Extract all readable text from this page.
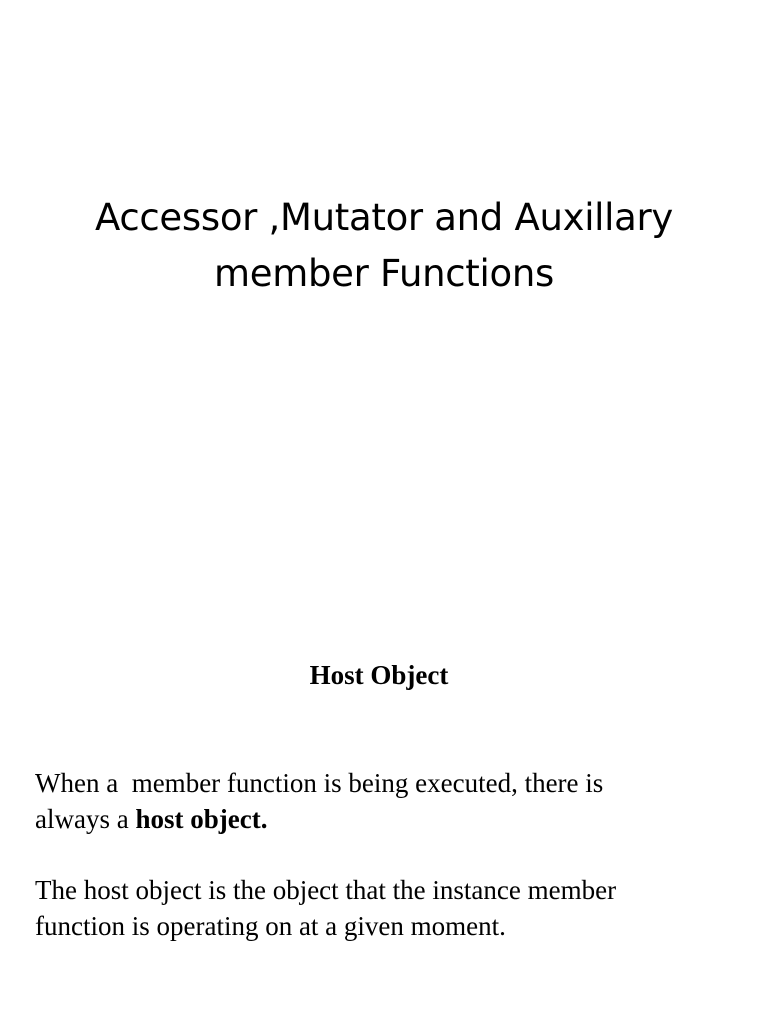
Accessor ,Mutator and Auxillary
member Functions
Host Object

When a  member function is being executed, there is
always a host object.

The host object is the object that the instance member
function is operating on at a given moment.
